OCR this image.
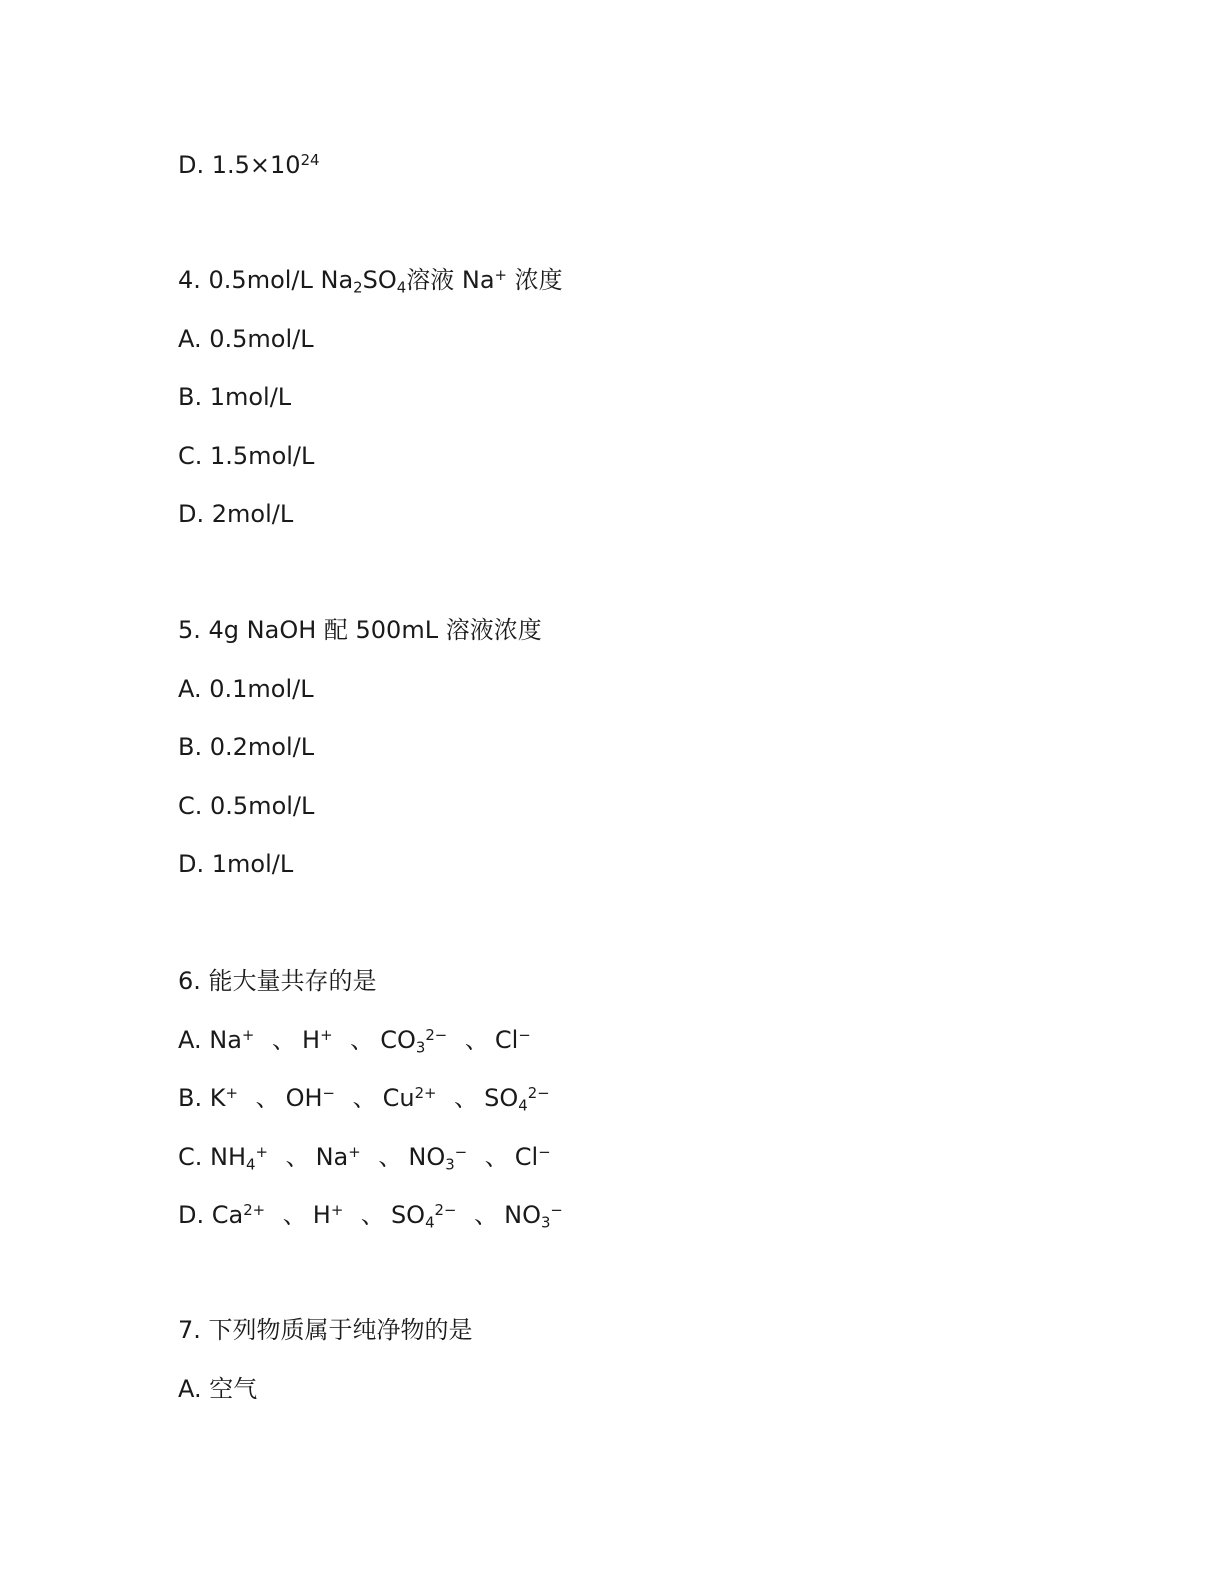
D. $1.5\times 10^{24}$
4. 0.5mol/L $Na_2SO_4$溶液 Na+ 浓度
A. 0.5mol/L
B. 1mol/L
C. 1.5mol/L
D. 2mol/L
5. 4g NaOH 配 500mL 溶液浓度
A. 0.1mol/L
B. 0.2mol/L
C. 0.5mol/L
D. 1mol/L
6. 能大量共存的是
A. Na+ 、 H+ 、 $CO_3^{2-}$ 、 Cl−
B. K+ 、 OH− 、 $Cu^{2+}$ 、 $SO_4^{2-}$
C. $NH_4^+$ 、 Na+ 、 $NO_3^-$ 、 Cl−
D. $Ca^{2+}$ 、 H+ 、 $SO_4^{2-}$ 、 $NO_3^-$
7. 下列物质属于纯净物的是
A. 空气
